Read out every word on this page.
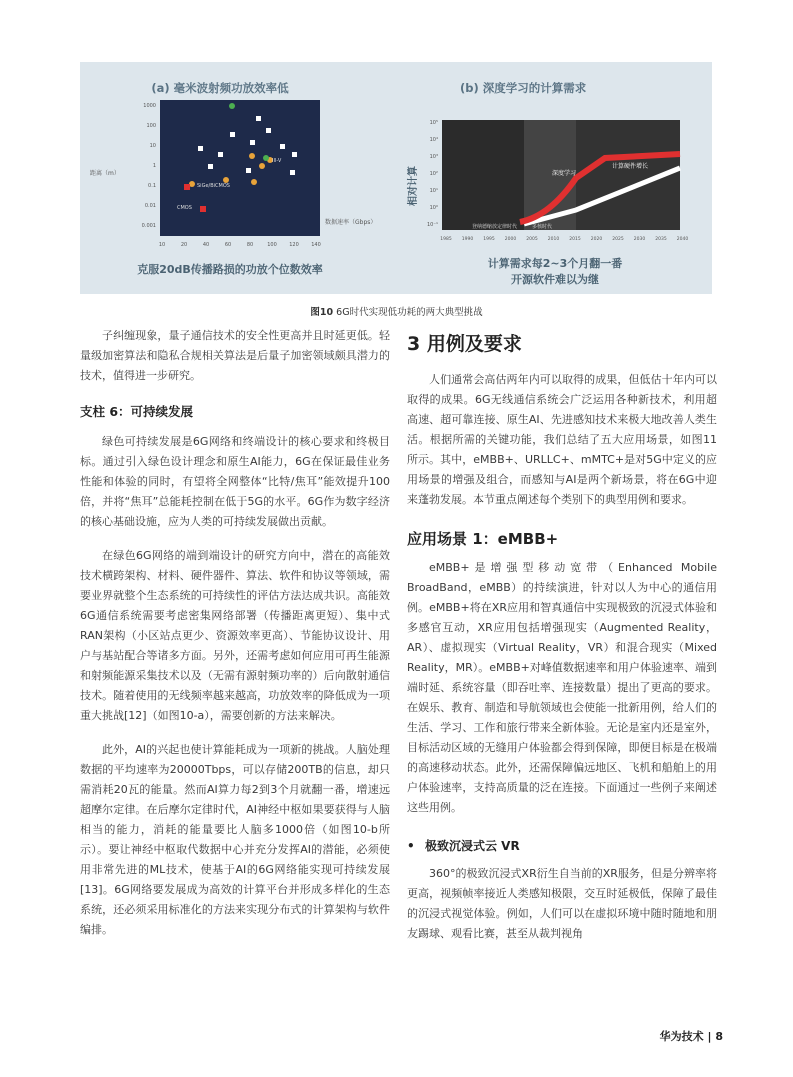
(a) 毫米波射频功放效率低
距离（m）
数据速率（Gbps）
1000
100
10
1
0.1
0.01
0.001
10	20	40	60	80	100 120 140
SiGe/BiCMOS
CMOS
III-V
克服20dB传播路损的功放个位数效率
(b) 深度学习的计算需求
相对计算
10⁵
10⁴
10³
10²
10¹
10⁰
10⁻¹
1985 1990 1995 2000 2005 2010 2015 2020 2025 2030 2035 2040
深度学习
计算硬件增长
登纳德缩放定律时代	多核时代
计算需求每2~3个月翻一番
开源软件难以为继
图10 6G时代实现低功耗的两大典型挑战

子纠缠现象，量子通信技术的安全性更高并且时延更低。轻量级加密算法和隐私合规相关算法是后量子加密领域颇具潜力的技术，值得进一步研究。

支柱 6：可持续发展

绿色可持续发展是6G网络和终端设计的核心要求和终极目标。通过引入绿色设计理念和原生AI能力，6G在保证最佳业务性能和体验的同时，有望将全网整体“比特/焦耳”能效提升100倍，并将“焦耳”总能耗控制在低于5G的水平。6G作为数字经济的核心基础设施，应为人类的可持续发展做出贡献。

在绿色6G网络的端到端设计的研究方向中，潜在的高能效技术横跨架构、材料、硬件器件、算法、软件和协议等领域，需要业界就整个生态系统的可持续性的评估方法达成共识。高能效6G通信系统需要考虑密集网络部署（传播距离更短）、集中式RAN架构（小区站点更少、资源效率更高）、节能协议设计、用户与基站配合等诸多方面。另外，还需考虑如何应用可再生能源和射频能源采集技术以及（无需有源射频功率的）后向散射通信技术。随着使用的无线频率越来越高，功放效率的降低成为一项重大挑战[12]（如图10-a），需要创新的方法来解决。

此外，AI的兴起也使计算能耗成为一项新的挑战。人脑处理数据的平均速率为20000Tbps，可以存储200TB的信息，却只需消耗20瓦的能量。然而AI算力每2到3个月就翻一番，增速远超摩尔定律。在后摩尔定律时代，AI神经中枢如果要获得与人脑相当的能力，消耗的能量要比人脑多1000倍（如图10-b所示）。要让神经中枢取代数据中心并充分发挥AI的潜能，必须使用非常先进的ML技术，使基于AI的6G网络能实现可持续发展[13]。6G网络要发展成为高效的计算平台并形成多样化的生态系统，还必须采用标准化的方法来实现分布式的计算架构与软件编排。

3 用例及要求

人们通常会高估两年内可以取得的成果，但低估十年内可以取得的成果。6G无线通信系统会广泛运用各种新技术，利用超高速、超可靠连接、原生AI、先进感知技术来极大地改善人类生活。根据所需的关键功能，我们总结了五大应用场景，如图11所示。其中，eMBB+、URLLC+、mMTC+是对5G中定义的应用场景的增强及组合，而感知与AI是两个新场景，将在6G中迎来蓬勃发展。本节重点阐述每个类别下的典型用例和要求。

应用场景 1：eMBB+

eMBB+是增强型移动宽带（Enhanced Mobile BroadBand，eMBB）的持续演进，针对以人为中心的通信用例。eMBB+将在XR应用和智真通信中实现极致的沉浸式体验和多感官互动，XR应用包括增强现实（Augmented Reality，AR）、虚拟现实（Virtual Reality，VR）和混合现实（Mixed Reality，MR）。eMBB+对峰值数据速率和用户体验速率、端到端时延、系统容量（即吞吐率、连接数量）提出了更高的要求。在娱乐、教育、制造和导航领域也会使能一批新用例，给人们的生活、学习、工作和旅行带来全新体验。无论是室内还是室外，目标活动区域的无缝用户体验都会得到保障，即便目标是在极端的高速移动状态。此外，还需保障偏远地区、飞机和船舶上的用户体验速率，支持高质量的泛在连接。下面通过一些例子来阐述这些用例。

• 极致沉浸式云 VR

360°的极致沉浸式XR衍生自当前的XR服务，但是分辨率将更高，视频帧率接近人类感知极限，交互时延极低，保障了最佳的沉浸式视觉体验。例如，人们可以在虚拟环境中随时随地和朋友踢球、观看比赛，甚至从裁判视角

华为技术 | 8
